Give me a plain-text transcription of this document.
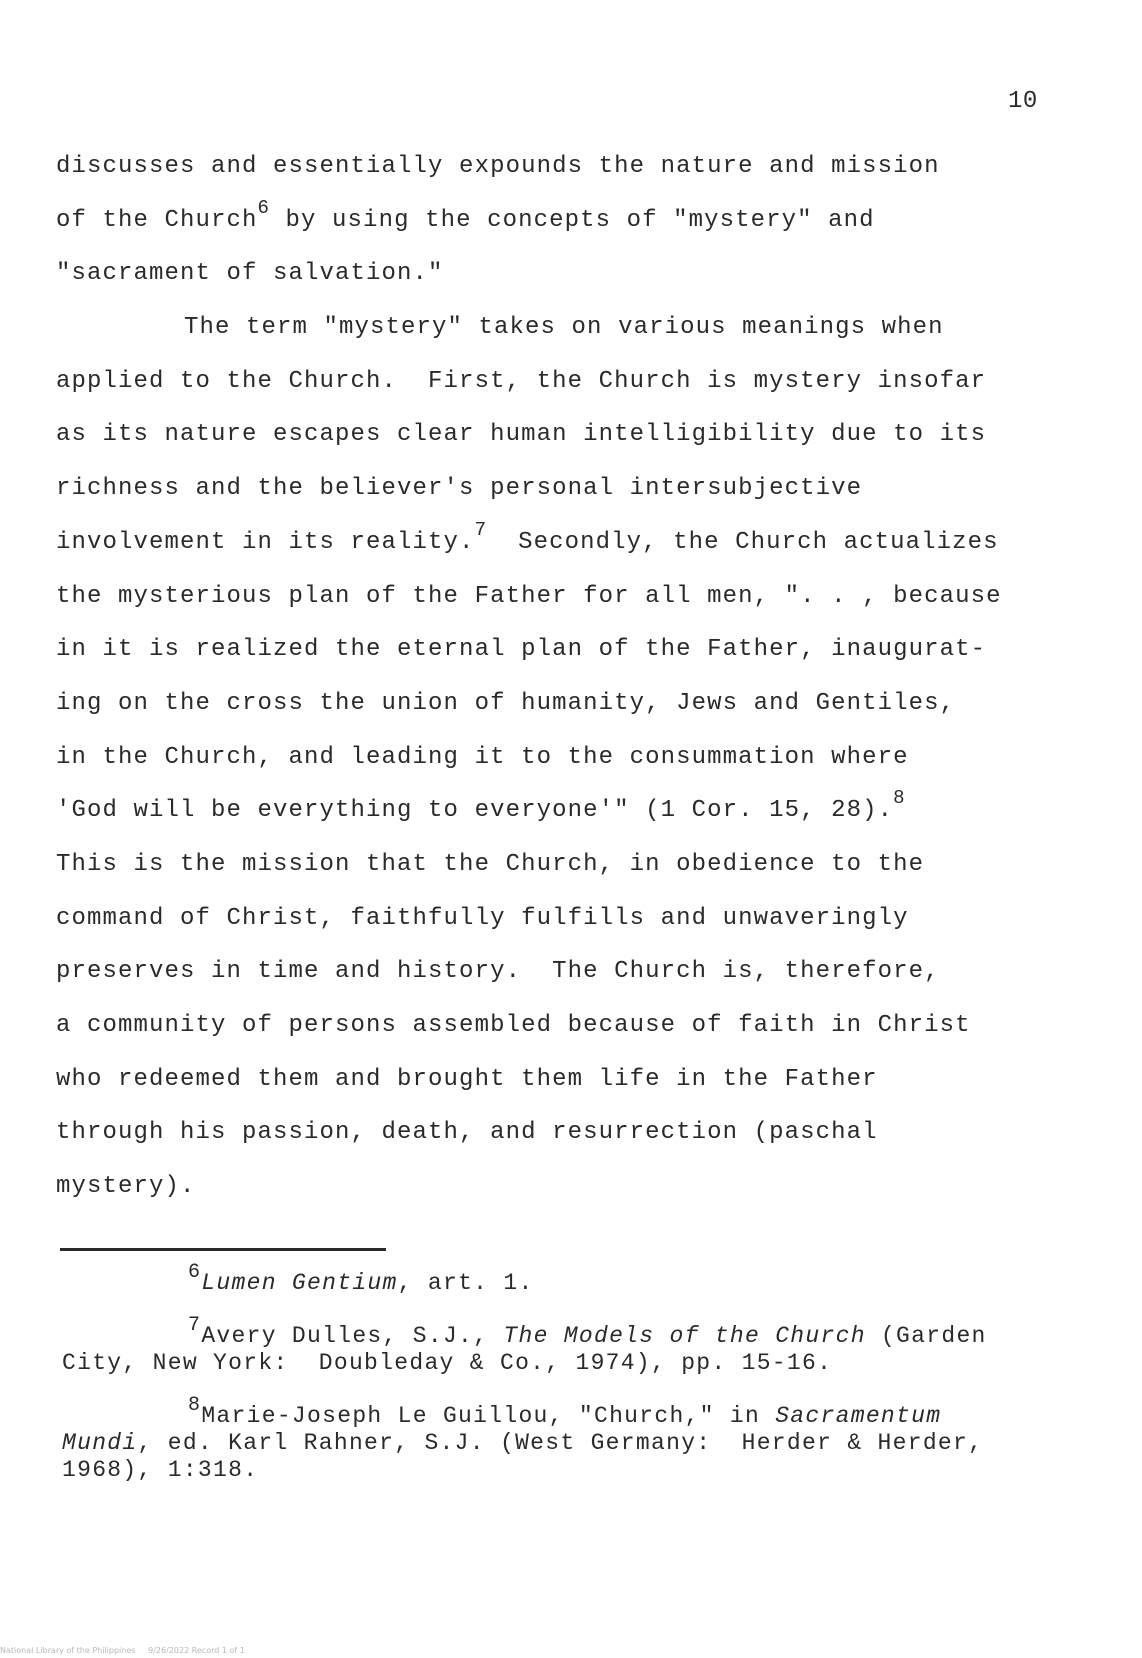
10
discusses and essentially expounds the nature and mission
of the Church$^6$ by using the concepts of "mystery" and
"sacrament of salvation."
The term "mystery" takes on various meanings when
applied to the Church.  First, the Church is mystery insofar
as its nature escapes clear human intelligibility due to its
richness and the believer's personal intersubjective
involvement in its reality.$^7$  Secondly, the Church actualizes
the mysterious plan of the Father for all men, ". . , because
in it is realized the eternal plan of the Father, inaugurat-
ing on the cross the union of humanity, Jews and Gentiles,
in the Church, and leading it to the consummation where
'God will be everything to everyone'" (1 Cor. 15, 28).$^8$
This is the mission that the Church, in obedience to the
command of Christ, faithfully fulfills and unwaveringly
preserves in time and history.  The Church is, therefore,
a community of persons assembled because of faith in Christ
who redeemed them and brought them life in the Father
through his passion, death, and resurrection (paschal
mystery).
$^6$Lumen Gentium, art. 1.
$^7$Avery Dulles, S.J., The Models of the Church (Garden
City, New York:  Doubleday & Co., 1974), pp. 15-16.
$^8$Marie-Joseph Le Guillou, "Church," in Sacramentum
Mundi, ed. Karl Rahner, S.J. (West Germany:  Herder & Herder,
1968), 1:318.
National Library of the Philippines     9/26/2022 Record 1 of 1
